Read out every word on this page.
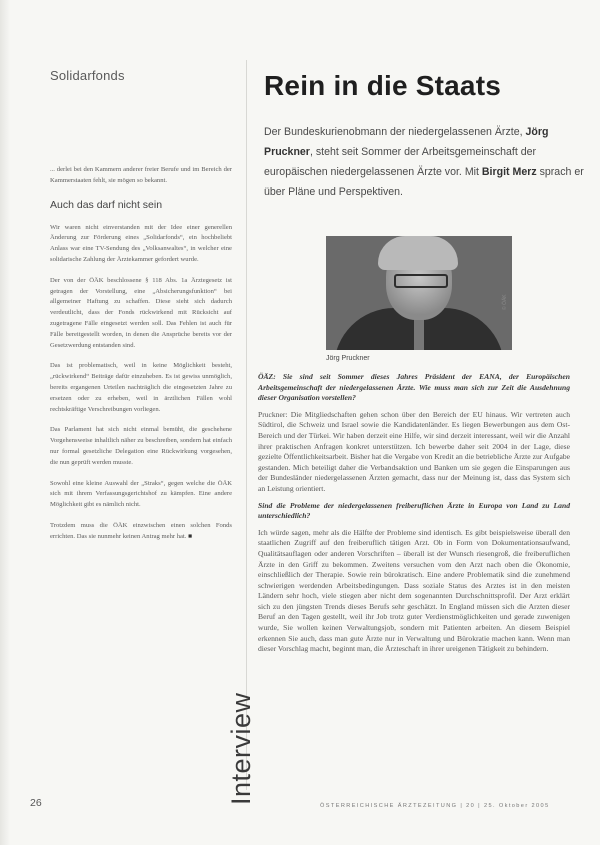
Solidarfonds

... derlei bei den Kammern anderer freier Berufe und im Bereich der Kammerstaaten fehlt, sie mögen so bekannt.

Auch das darf nicht sein

Wir waren nicht einverstanden mit der Idee einer generellen Änderung zur Förderung eines „Solidarfonds“, ein hochbeliebt Anlass war eine TV-Sendung des „Volksanwaltes“, in welcher eine solidarische Zahlung der Ärztekammer gefordert wurde.

Der von der ÖÄK beschlossene § 118 Abs. 1a Ärztegesetz ist getragen der Vorstellung, eine „Absicherungsfunktion“ bei allgemeiner Haftung zu schaffen. Diese sieht sich dadurch verdeutlicht, dass der Fonds rückwirkend mit Rücksicht auf zugetragene Fälle eingesetzt werden soll. Das Fehlen ist auch für Fälle bereitgestellt worden, in denen die Ansprüche bereits vor der Gesetzwerdung entstanden sind.

Das ist problematisch, weil in keine Möglichkeit besteht, „rückwirkend“ Beiträge dafür einzuheben. Es ist gewiss unmöglich, bereits ergangenen Urteilen nachträglich die eingesetzten Jahre zu ersetzen oder zu erheben, weil in ärztlichen Fällen wohl rechtskräftige Verschreibungen vorliegen.

Das Parlament hat sich nicht einmal bemüht, die geschehene Vorgehensweise inhaltlich näher zu beschreiben, sondern hat einfach nur formal gesetzliche Delegation eine Rückwirkung vorgesehen, die nun geprüft werden musste.

Sowohl eine kleine Auswahl der „Straks“, gegen welche die ÖÄK sich mit ihrem Verfassungsgerichtshof zu kämpfen. Eine andere Möglichkeit gibt es nämlich nicht.

Trotzdem muss die ÖÄK einzwischen einen solchen Fonds errichten. Das sie nunmehr keinen Antrag mehr hat. ■

Interview
Rein in die Staats

Der Bundeskurienobmann der niedergelassenen Ärzte, Jörg Pruckner, steht seit Sommer der Arbeitsgemeinschaft der europäischen niedergelassenen Ärzte vor. Mit Birgit Merz sprach er über Pläne und Perspektiven.

© ÖÄK
Jörg Pruckner

ÖÄZ: Sie sind seit Sommer dieses Jahres Präsident der EANA, der Europäischen Arbeitsgemeinschaft der niedergelassenen Ärzte. Wie muss man sich zur Zeit die Ausdehnung dieser Organisation vorstellen?

Pruckner: Die Mitgliedschaften gehen schon über den Bereich der EU hinaus. Wir vertreten auch Südtirol, die Schweiz und Israel sowie die Kandidatenländer. Es liegen Bewerbungen aus dem Ost-Bereich und der Türkei. Wir haben derzeit eine Hilfe, wir sind derzeit interessant, weil wir die Anzahl ihrer praktischen Anfragen konkret unterstützen. Ich bewerbe daher seit 2004 in der Lage, diese gezielte Öffentlichkeitsarbeit. Bisher hat die Vergabe von Kredit an die betriebliche Ärzte zur Aufgabe gestanden. Mich beteiligt daher die Verbandsaktion und Banken um sie gegen die Einsparungen aus der Bundesländer niedergelassenen Ärzten gemacht, dass nur der Meinung ist, dass das System sich an Leistung orientiert.

Sind die Probleme der niedergelassenen freiberuflichen Ärzte in Europa von Land zu Land unterschiedlich?

Ich würde sagen, mehr als die Hälfte der Probleme sind identisch. Es gibt beispielsweise überall den staatlichen Zugriff auf den freiberuflich tätigen Arzt. Ob in Form von Dokumentationsaufwand, Qualitätsauflagen oder anderen Vorschriften – überall ist der Wunsch riesengroß, die freiberuflichen Ärzte in den Griff zu bekommen. Zweitens versuchen vom den Arzt nach oben die Ökonomie, einschließlich der Therapie. Sowie rein bürokratisch. Eine andere Problematik sind die zunehmend schwierigen werdenden Arbeitsbedingungen. Dass soziale Status des Arztes ist in den meisten Ländern sehr hoch, viele stiegen aber nicht dem sogenannten Durchschnittsprofil. Der Arzt erklärt sich zu den jüngsten Trends dieses Berufs sehr geschätzt. In England müssen sich die Arzten dieser Beruf an den Tagen gestellt, weil ihr Job trotz guter Verdienstmöglichkeiten und gerade zuwenigen wurde, Sie wollen keinen Verwaltungsjob, sondern mit Patienten arbeiten. An diesem Beispiel erkennen Sie auch, dass man gute Ärzte nur in Verwaltung und Bürokratie machen kann. Wenn man dieser Vorschlag macht, beginnt man, die Ärzteschaft in ihrer ureigenen Tätigkeit zu behindern.

26	ÖSTERREICHISCHE ÄRZTEZEITUNG | 20 | 25. Oktober 2005
